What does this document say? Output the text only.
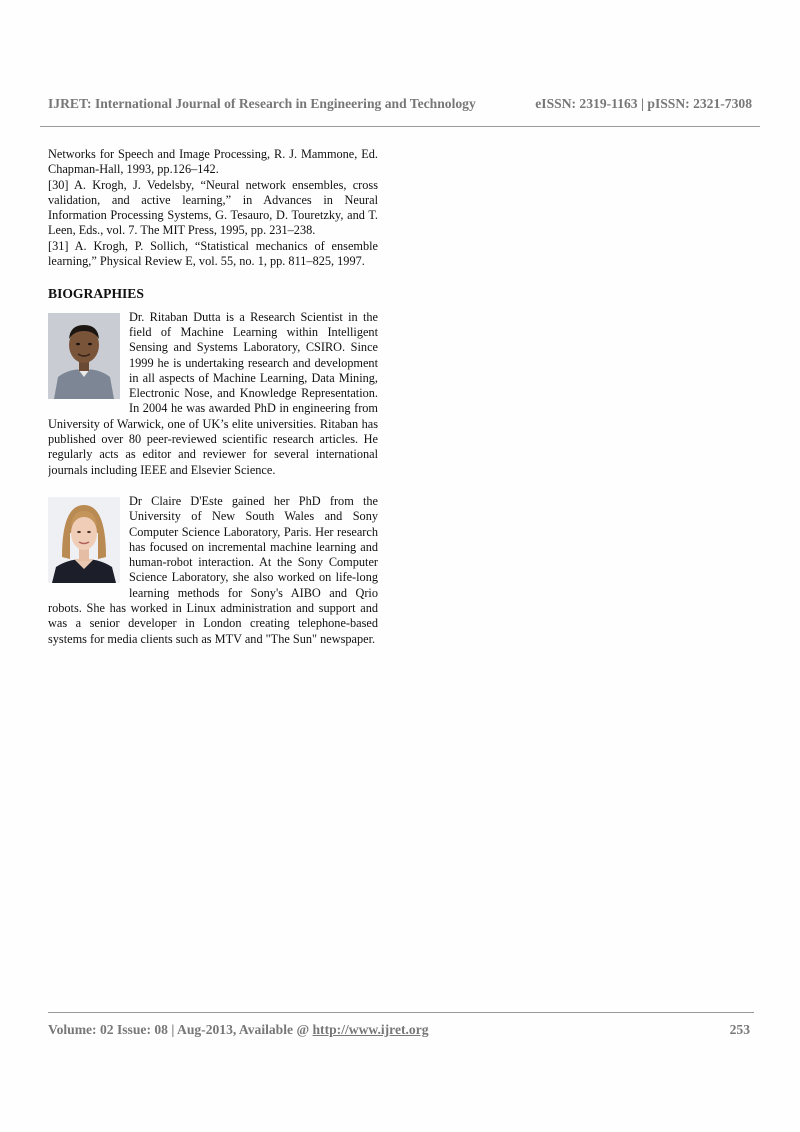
IJRET: International Journal of Research in Engineering and Technology	eISSN: 2319-1163 | pISSN: 2321-7308

Networks for Speech and Image Processing, R. J. Mammone, Ed. Chapman-Hall, 1993, pp.126–142.

[30] A. Krogh, J. Vedelsby, “Neural network ensembles, cross validation, and active learning,” in Advances in Neural Information Processing Systems, G. Tesauro, D. Touretzky, and T. Leen, Eds., vol. 7. The MIT Press, 1995, pp. 231–238.

[31] A. Krogh, P. Sollich, “Statistical mechanics of ensemble learning,” Physical Review E, vol. 55, no. 1, pp. 811–825, 1997.

BIOGRAPHIES

Dr. Ritaban Dutta is a Research Scientist in the field of Machine Learning within Intelligent Sensing and Systems Laboratory, CSIRO. Since 1999 he is undertaking research and development in all aspects of Machine Learning, Data Mining, Electronic Nose, and Knowledge Representation. In 2004 he was awarded PhD in engineering from University of Warwick, one of UK’s elite universities. Ritaban has published over 80 peer-reviewed scientific research articles. He regularly acts as editor and reviewer for several international journals including IEEE and Elsevier Science.

Dr Claire D'Este gained her PhD from the University of New South Wales and Sony Computer Science Laboratory, Paris. Her research has focused on incremental machine learning and human-robot interaction. At the Sony Computer Science Laboratory, she also worked on life-long learning methods for Sony's AIBO and Qrio robots. She has worked in Linux administration and support and was a senior developer in London creating telephone-based systems for media clients such as MTV and "The Sun" newspaper.

Volume: 02 Issue: 08 | Aug-2013, Available @ http://www.ijret.org	253
